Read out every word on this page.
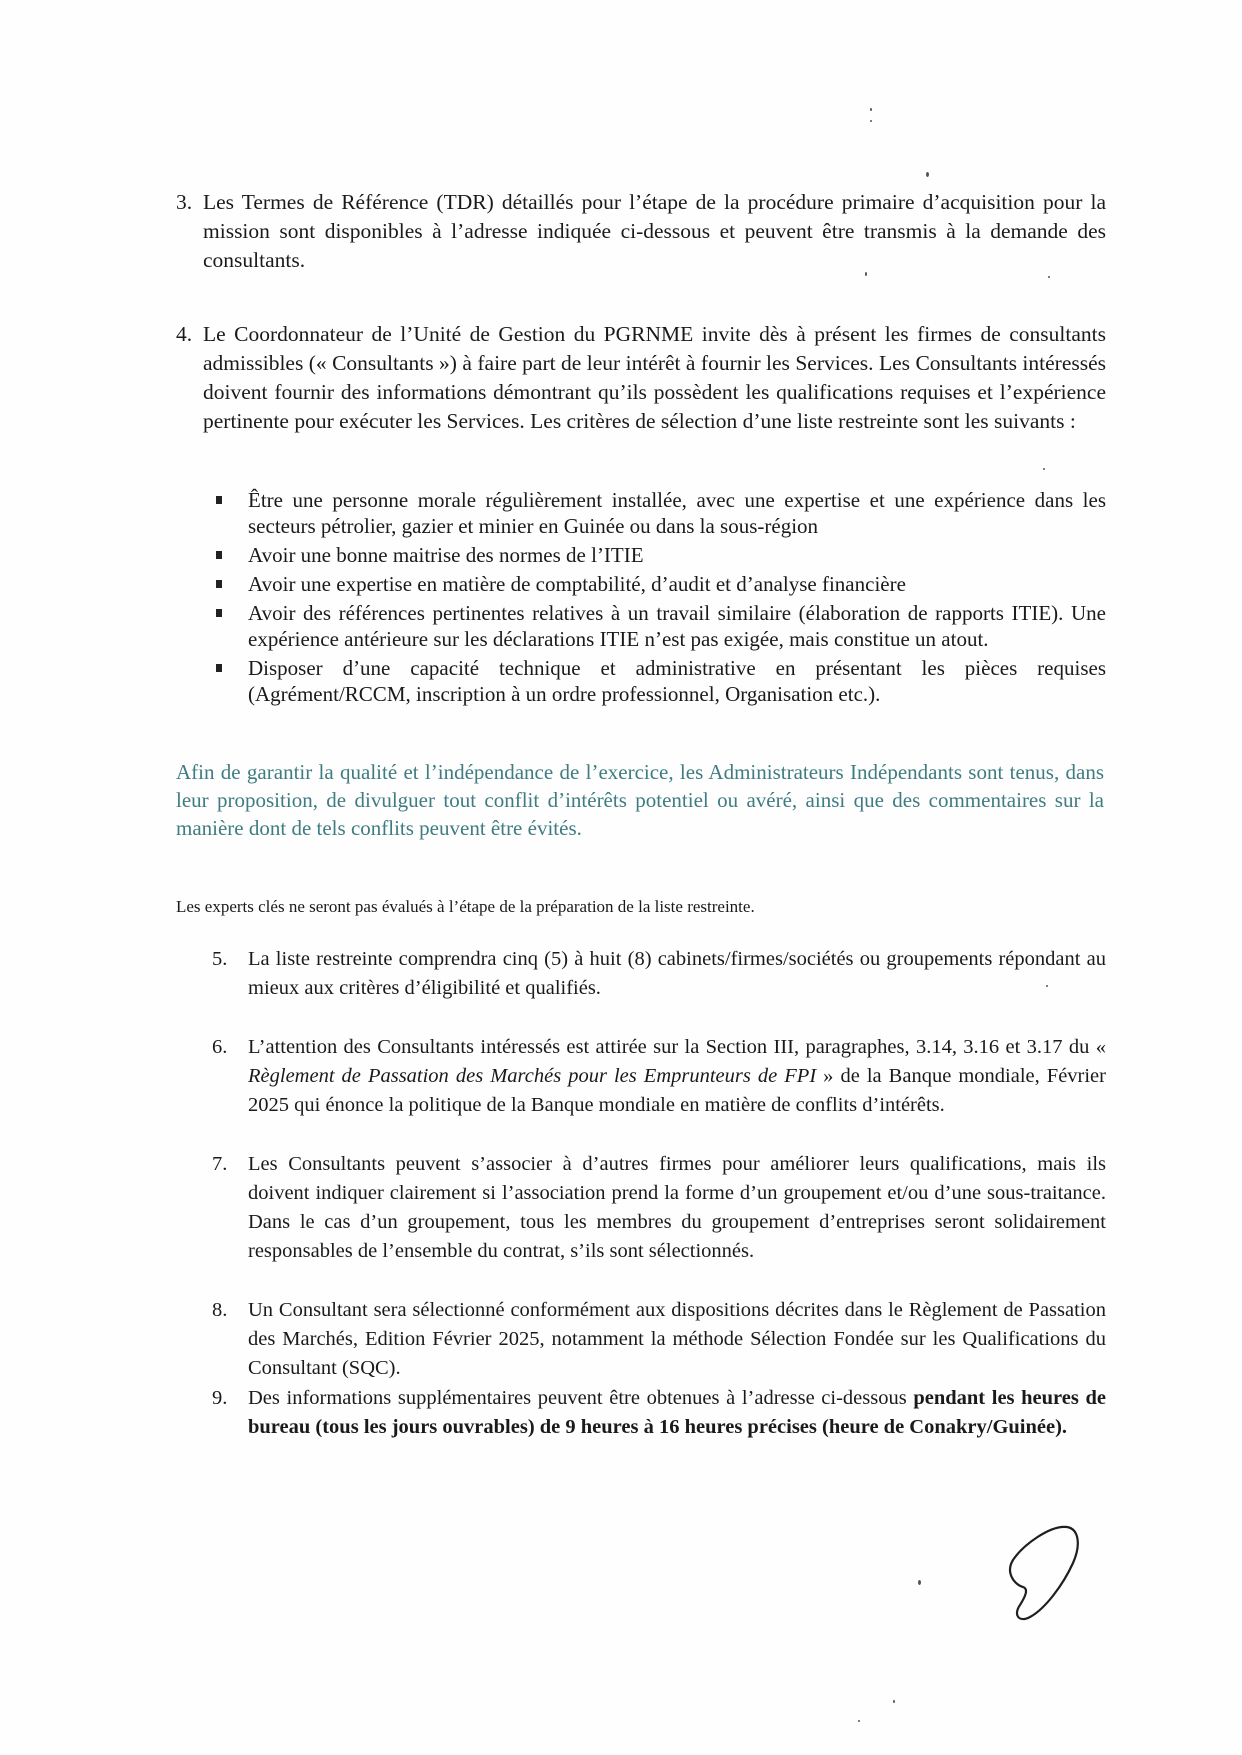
3. Les Termes de Référence (TDR) détaillés pour l’étape de la procédure primaire d’acquisition pour la mission sont disponibles à l’adresse indiquée ci-dessous et peuvent être transmis à la demande des consultants.
4. Le Coordonnateur de l’Unité de Gestion du PGRNME invite dès à présent les firmes de consultants admissibles (« Consultants ») à faire part de leur intérêt à fournir les Services. Les Consultants intéressés doivent fournir des informations démontrant qu’ils possèdent les qualifications requises et l’expérience pertinente pour exécuter les Services. Les critères de sélection d’une liste restreinte sont les suivants :
Être une personne morale régulièrement installée, avec une expertise et une expérience dans les secteurs pétrolier, gazier et minier en Guinée ou dans la sous-région
Avoir une bonne maitrise des normes de l’ITIE
Avoir une expertise en matière de comptabilité, d’audit et d’analyse financière
Avoir des références pertinentes relatives à un travail similaire (élaboration de rapports ITIE). Une expérience antérieure sur les déclarations ITIE n’est pas exigée, mais constitue un atout.
Disposer d’une capacité technique et administrative en présentant les pièces requises (Agrément/RCCM, inscription à un ordre professionnel, Organisation etc.).
Afin de garantir la qualité et l’indépendance de l’exercice, les Administrateurs Indépendants sont tenus, dans leur proposition, de divulguer tout conflit d’intérêts potentiel ou avéré, ainsi que des commentaires sur la manière dont de tels conflits peuvent être évités.
Les experts clés ne seront pas évalués à l’étape de la préparation de la liste restreinte.
5. La liste restreinte comprendra cinq (5) à huit (8) cabinets/firmes/sociétés ou groupements répondant au mieux aux critères d’éligibilité et qualifiés.
6. L’attention des Consultants intéressés est attirée sur la Section III, paragraphes, 3.14, 3.16 et 3.17 du « Règlement de Passation des Marchés pour les Emprunteurs de FPI » de la Banque mondiale, Février 2025 qui énonce la politique de la Banque mondiale en matière de conflits d’intérêts.
7. Les Consultants peuvent s’associer à d’autres firmes pour améliorer leurs qualifications, mais ils doivent indiquer clairement si l’association prend la forme d’un groupement et/ou d’une sous-traitance. Dans le cas d’un groupement, tous les membres du groupement d’entreprises seront solidairement responsables de l’ensemble du contrat, s’ils sont sélectionnés.
8. Un Consultant sera sélectionné conformément aux dispositions décrites dans le Règlement de Passation des Marchés, Edition Février 2025, notamment la méthode Sélection Fondée sur les Qualifications du Consultant (SQC).
9. Des informations supplémentaires peuvent être obtenues à l’adresse ci-dessous pendant les heures de bureau (tous les jours ouvrables) de 9 heures à 16 heures précises (heure de Conakry/Guinée).
